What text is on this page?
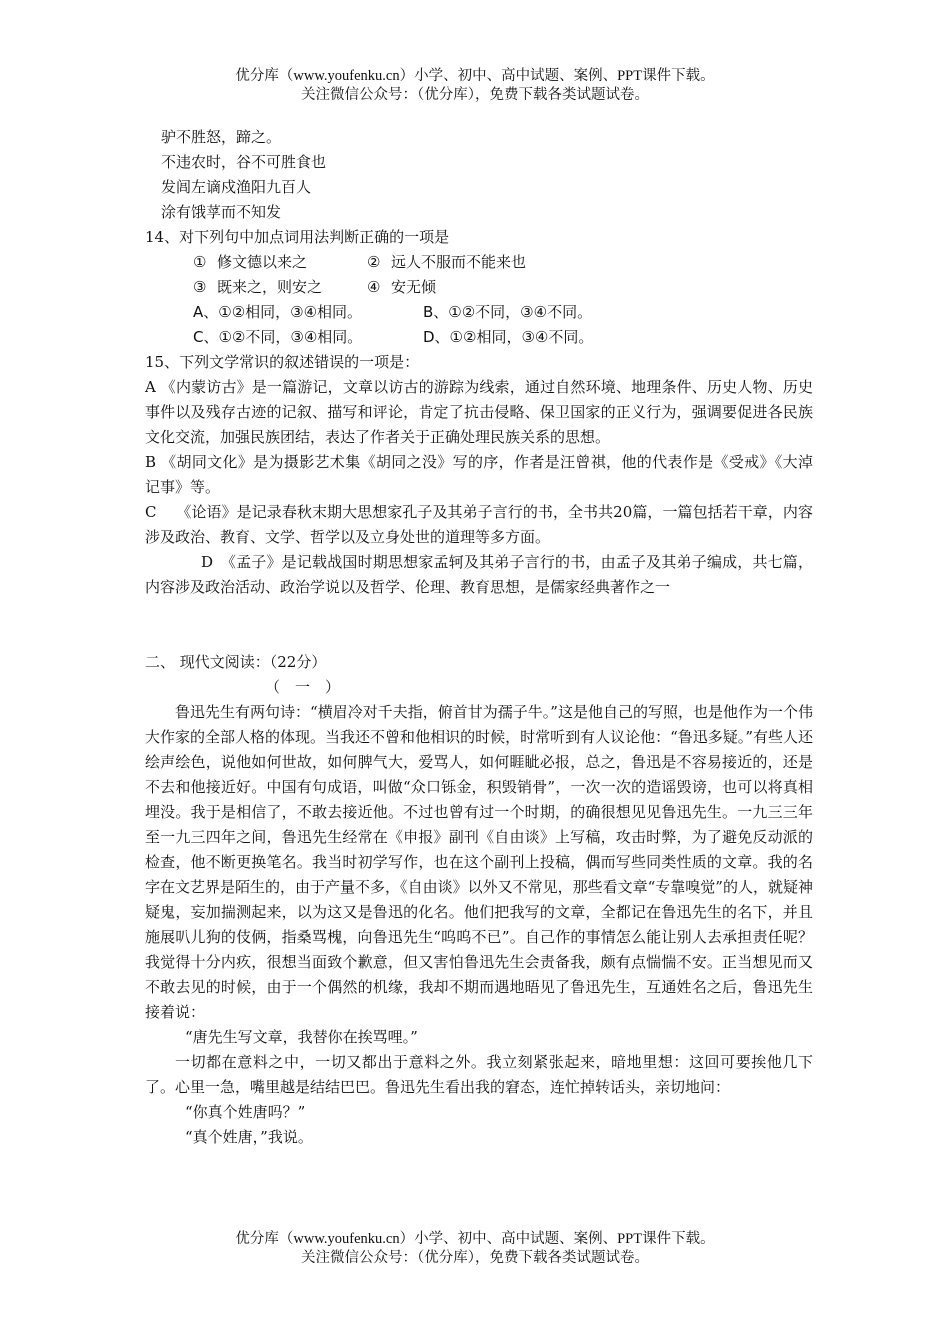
优分库（www.youfenku.cn）小学、初中、高中试题、案例、PPT课件下载。
关注微信公众号：（优分库），免费下载各类试题试卷。

驴不胜怒，蹄之。

不违农时，谷不可胜食也

发闾左谪戍渔阳九百人

涂有饿莩而不知发

14、对下列句中加点词用法判断正确的一项是

① 修文德以来之	② 远人不服而不能来也

③ 既来之，则安之	④ 安无倾

A、①②相同，③④相同。	B、①②不同，③④不同。

C、①②不同，③④相同。	D、①②相同，③④不同。

15、下列文学常识的叙述错误的一项是：

A 《内蒙访古》是一篇游记，文章以访古的游踪为线索，通过自然环境、地理条件、历史人物、历史事件以及残存古迹的记叙、描写和评论，肯定了抗击侵略、保卫国家的正义行为，强调要促进各民族文化交流，加强民族团结，表达了作者关于正确处理民族关系的思想。

B 《胡同文化》是为摄影艺术集《胡同之没》写的序，作者是汪曾祺，他的代表作是《受戒》《大淖记事》等。

C　 《论语》是记录春秋末期大思想家孔子及其弟子言行的书，全书共20篇，一篇包括若干章，内容涉及政治、教育、文学、哲学以及立身处世的道理等多方面。

D　《孟子》是记载战国时期思想家孟轲及其弟子言行的书，由孟子及其弟子编成，共七篇，内容涉及政治活动、政治学说以及哲学、伦理、教育思想，是儒家经典著作之一

二、 现代文阅读：（22分）

（　一　）

鲁迅先生有两句诗：“横眉冷对千夫指，俯首甘为孺子牛。”这是他自己的写照，也是他作为一个伟大作家的全部人格的体现。当我还不曾和他相识的时候，时常听到有人议论他：“鲁迅多疑。”有些人还绘声绘色，说他如何世故，如何脾气大，爱骂人，如何睚眦必报，总之，鲁迅是不容易接近的，还是不去和他接近好。中国有句成语，叫做“众口铄金，积毁销骨”，一次一次的造谣毁谤，也可以将真相埋没。我于是相信了，不敢去接近他。不过也曾有过一个时期，的确很想见见鲁迅先生。一九三三年至一九三四年之间，鲁迅先生经常在《申报》副刊《自由谈》上写稿，攻击时弊，为了避免反动派的检查，他不断更换笔名。我当时初学写作，也在这个副刊上投稿，偶而写些同类性质的文章。我的名字在文艺界是陌生的，由于产量不多，《自由谈》以外又不常见，那些看文章“专靠嗅觉”的人，就疑神疑鬼，妄加揣测起来，以为这又是鲁迅的化名。他们把我写的文章，全都记在鲁迅先生的名下，并且施展叭儿狗的伎俩，指桑骂槐，向鲁迅先生“呜呜不已”。自己作的事情怎么能让别人去承担责任呢？我觉得十分内疚，很想当面致个歉意，但又害怕鲁迅先生会责备我，颇有点惴惴不安。正当想见而又不敢去见的时候，由于一个偶然的机缘，我却不期而遇地晤见了鲁迅先生，互通姓名之后，鲁迅先生接着说：

“唐先生写文章，我替你在挨骂哩。”

一切都在意料之中，一切又都出于意料之外。我立刻紧张起来，暗地里想：这回可要挨他几下了。心里一急，嘴里越是结结巴巴。鲁迅先生看出我的窘态，连忙掉转话头，亲切地问：

“你真个姓唐吗？”

“真个姓唐，”我说。

优分库（www.youfenku.cn）小学、初中、高中试题、案例、PPT课件下载。
关注微信公众号：（优分库），免费下载各类试题试卷。
